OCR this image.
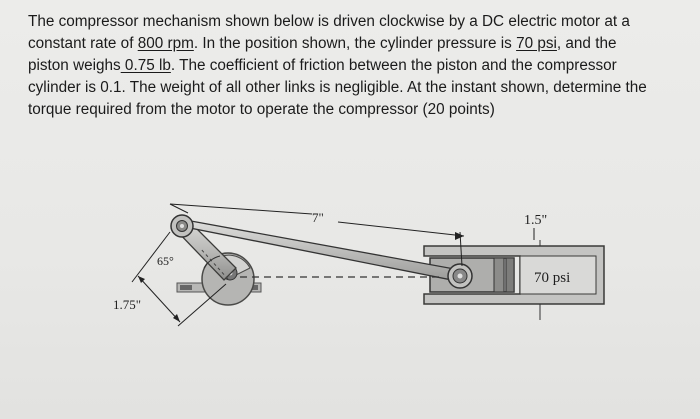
The compressor mechanism shown below is driven clockwise by a DC electric motor at a
constant rate of 800 rpm. In the position shown, the cylinder pressure is 70 psi, and the
piston weighs 0.75 lb. The coefficient of friction between the piston and the compressor
cylinder is 0.1. The weight of all other links is negligible. At the instant shown, determine the
torque required from the motor to operate the compressor (20 points)
7"	1.5"
65°
1.75"
70 psi
